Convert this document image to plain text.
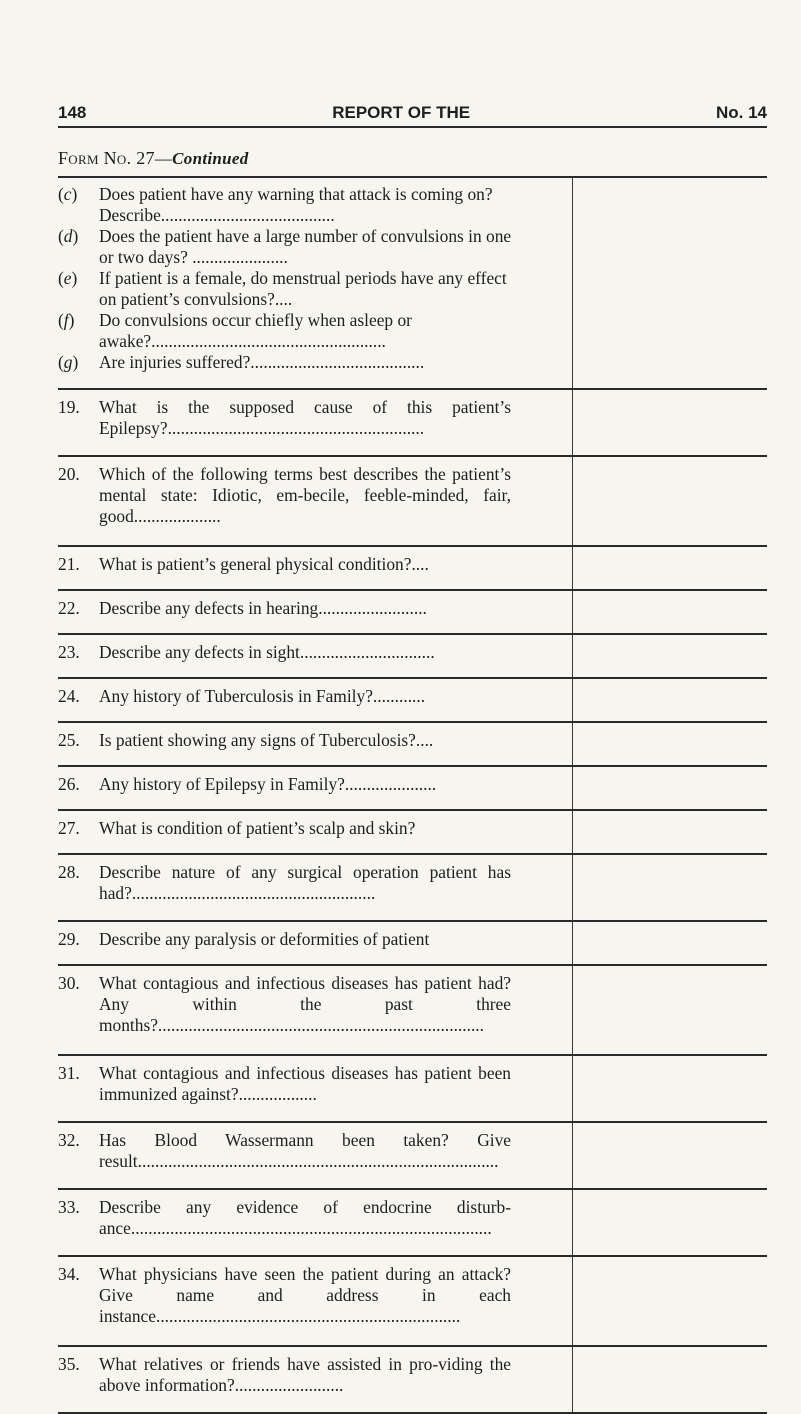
148	REPORT OF THE	No. 14
Form No. 27—Continued
(c) Does patient have any warning that attack is coming on? Describe........................................
(d) Does the patient have a large number of convulsions in one or two days? ......................
(e) If patient is a female, do menstrual periods have any effect on patient’s convulsions?....
(f) Do convulsions occur chiefly when asleep or awake?......................................................
(g) Are injuries suffered?........................................
19.	What is the supposed cause of this patient’s Epilepsy?...........................................................
20.	Which of the following terms best describes the patient’s mental state: Idiotic, em-becile, feeble-minded, fair, good....................
21.	What is patient’s general physical condition?....
22.	Describe any defects in hearing.........................
23.	Describe any defects in sight...............................
24.	Any history of Tuberculosis in Family?............
25.	Is patient showing any signs of Tuberculosis?....
26.	Any history of Epilepsy in Family?.....................
27.	What is condition of patient’s scalp and skin?
28.	Describe nature of any surgical operation patient has had?........................................................
29.	Describe any paralysis or deformities of patient
30.	What contagious and infectious diseases has patient had? Any within the past three months?...........................................................................
31.	What contagious and infectious diseases has patient been immunized against?..................
32.	Has Blood Wassermann been taken? Give result...................................................................................
33.	Describe any evidence of endocrine disturb-ance...................................................................................
34.	What physicians have seen the patient during an attack? Give name and address in each instance......................................................................
35.	What relatives or friends have assisted in pro-viding the above information?.........................
